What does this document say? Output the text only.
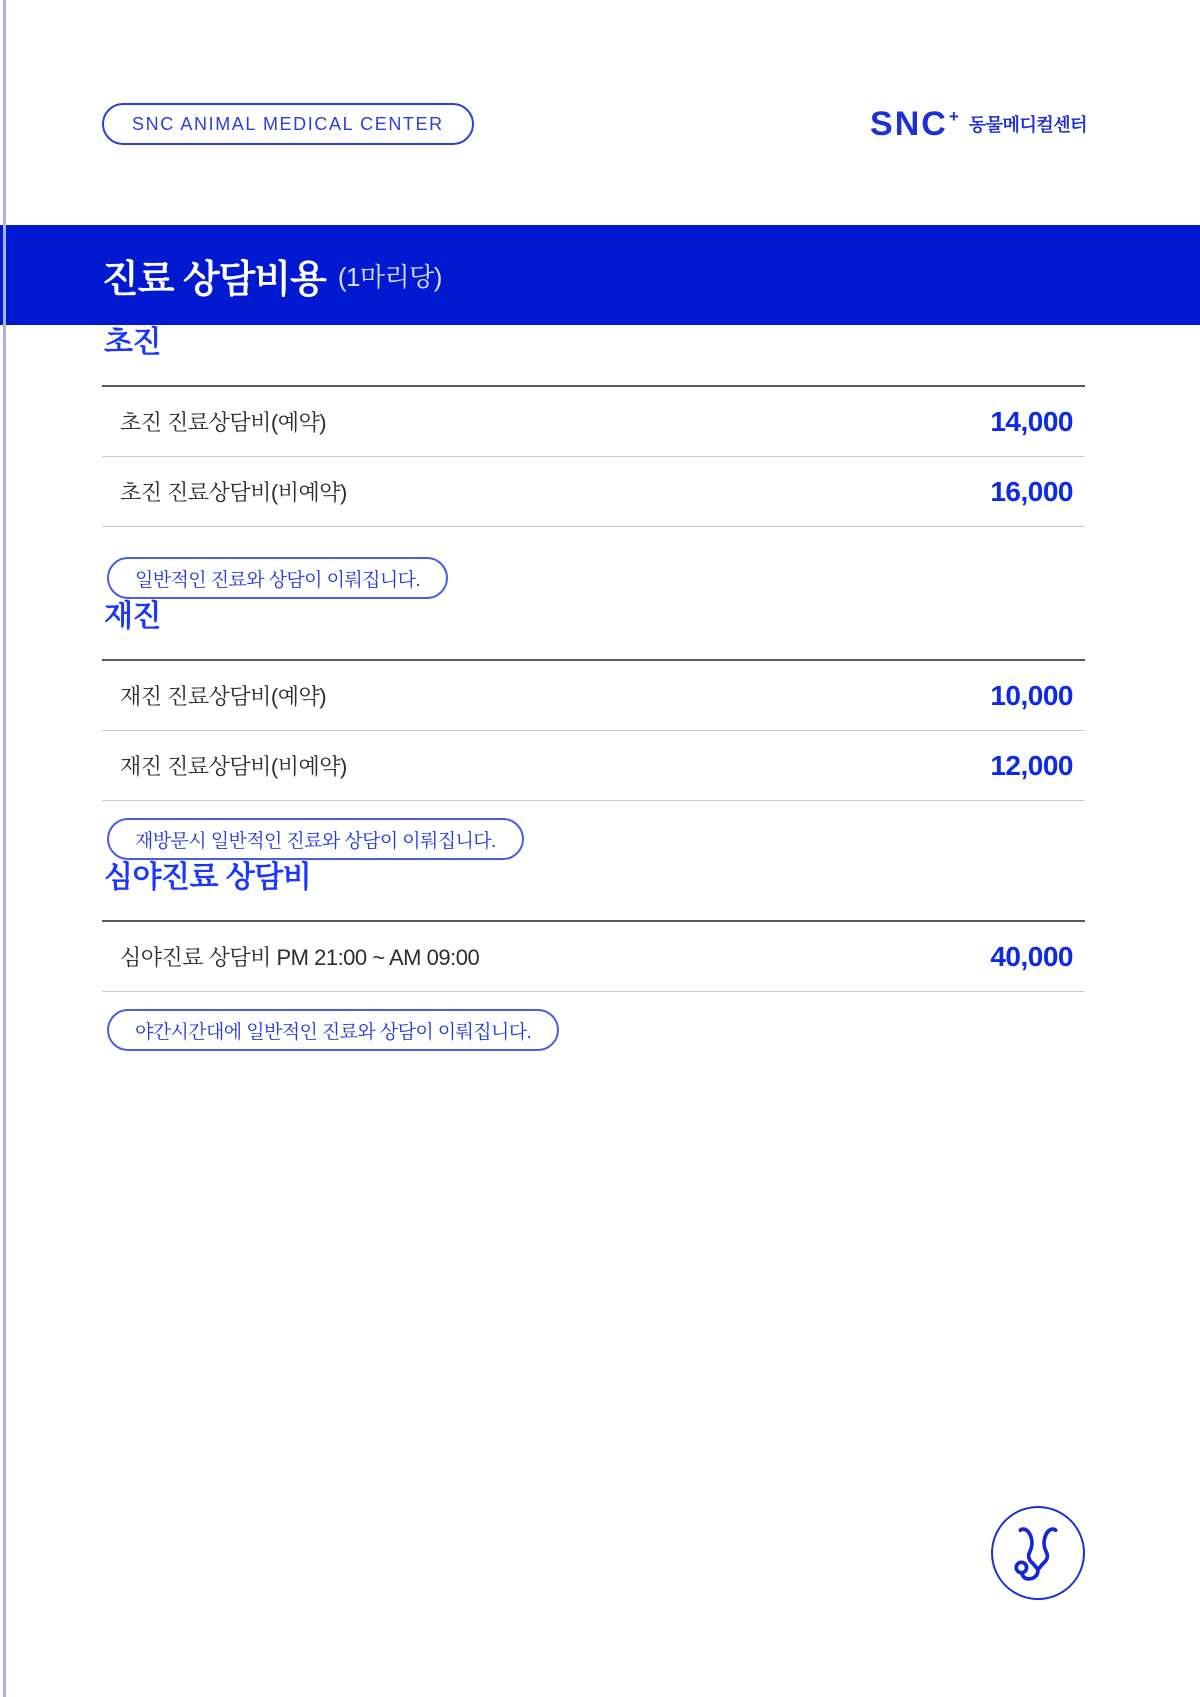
SNC ANIMAL MEDICAL CENTER	SNC+ 동물메디컬센터
진료 상담비용 (1마리당)
초진
초진 진료상담비(예약)	14,000
초진 진료상담비(비예약)	16,000
일반적인 진료와 상담이 이뤄집니다.
재진
재진 진료상담비(예약)	10,000
재진 진료상담비(비예약)	12,000
재방문시 일반적인 진료와 상담이 이뤄집니다.
심야진료 상담비
심야진료 상담비 PM 21:00 ~ AM 09:00	40,000
야간시간대에 일반적인 진료와 상담이 이뤄집니다.
